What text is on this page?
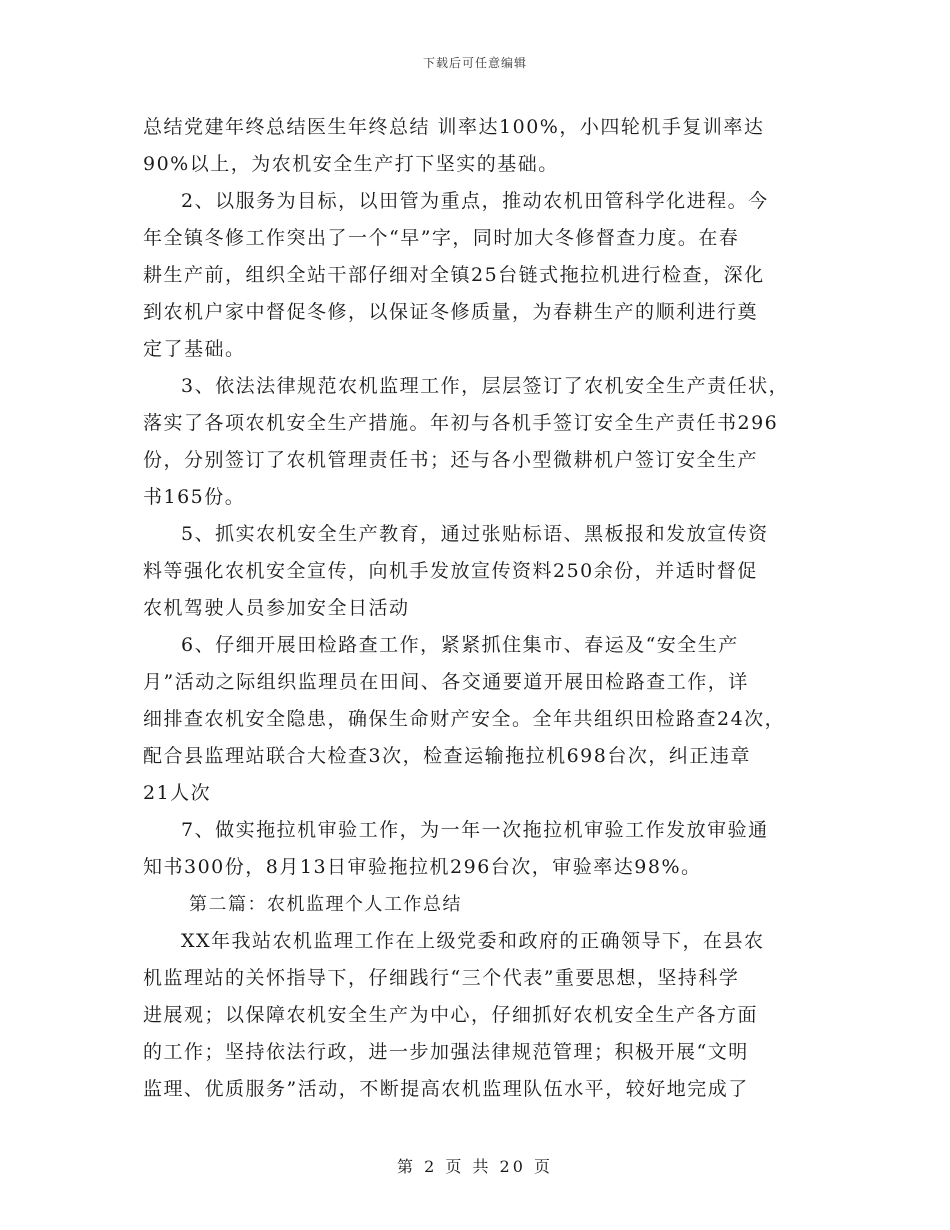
下载后可任意编辑
总结党建年终总结医生年终总结 训率达100%，小四轮机手复训率达
90%以上，为农机安全生产打下坚实的基础。
2、以服务为目标，以田管为重点，推动农机田管科学化进程。今
年全镇冬修工作突出了一个“早”字，同时加大冬修督查力度。在春
耕生产前，组织全站干部仔细对全镇25台链式拖拉机进行检查，深化
到农机户家中督促冬修，以保证冬修质量，为春耕生产的顺利进行奠
定了基础。
3、依法法律规范农机监理工作，层层签订了农机安全生产责任状，
落实了各项农机安全生产措施。年初与各机手签订安全生产责任书296
份，分别签订了农机管理责任书；还与各小型微耕机户签订安全生产
书165份。
5、抓实农机安全生产教育，通过张贴标语、黑板报和发放宣传资
料等强化农机安全宣传，向机手发放宣传资料250余份，并适时督促
农机驾驶人员参加安全日活动
6、仔细开展田检路查工作，紧紧抓住集市、春运及“安全生产
月”活动之际组织监理员在田间、各交通要道开展田检路查工作，详
细排查农机安全隐患，确保生命财产安全。全年共组织田检路查24次，
配合县监理站联合大检查3次，检查运输拖拉机698台次，纠正违章
21人次
7、做实拖拉机审验工作，为一年一次拖拉机审验工作发放审验通
知书300份，8月13日审验拖拉机296台次，审验率达98%。
第二篇：农机监理个人工作总结
XX年我站农机监理工作在上级党委和政府的正确领导下，在县农
机监理站的关怀指导下，仔细践行“三个代表”重要思想，坚持科学
进展观；以保障农机安全生产为中心，仔细抓好农机安全生产各方面
的工作；坚持依法行政，进一步加强法律规范管理；积极开展“文明
监理、优质服务”活动，不断提高农机监理队伍水平，较好地完成了
第 2 页 共 20 页
